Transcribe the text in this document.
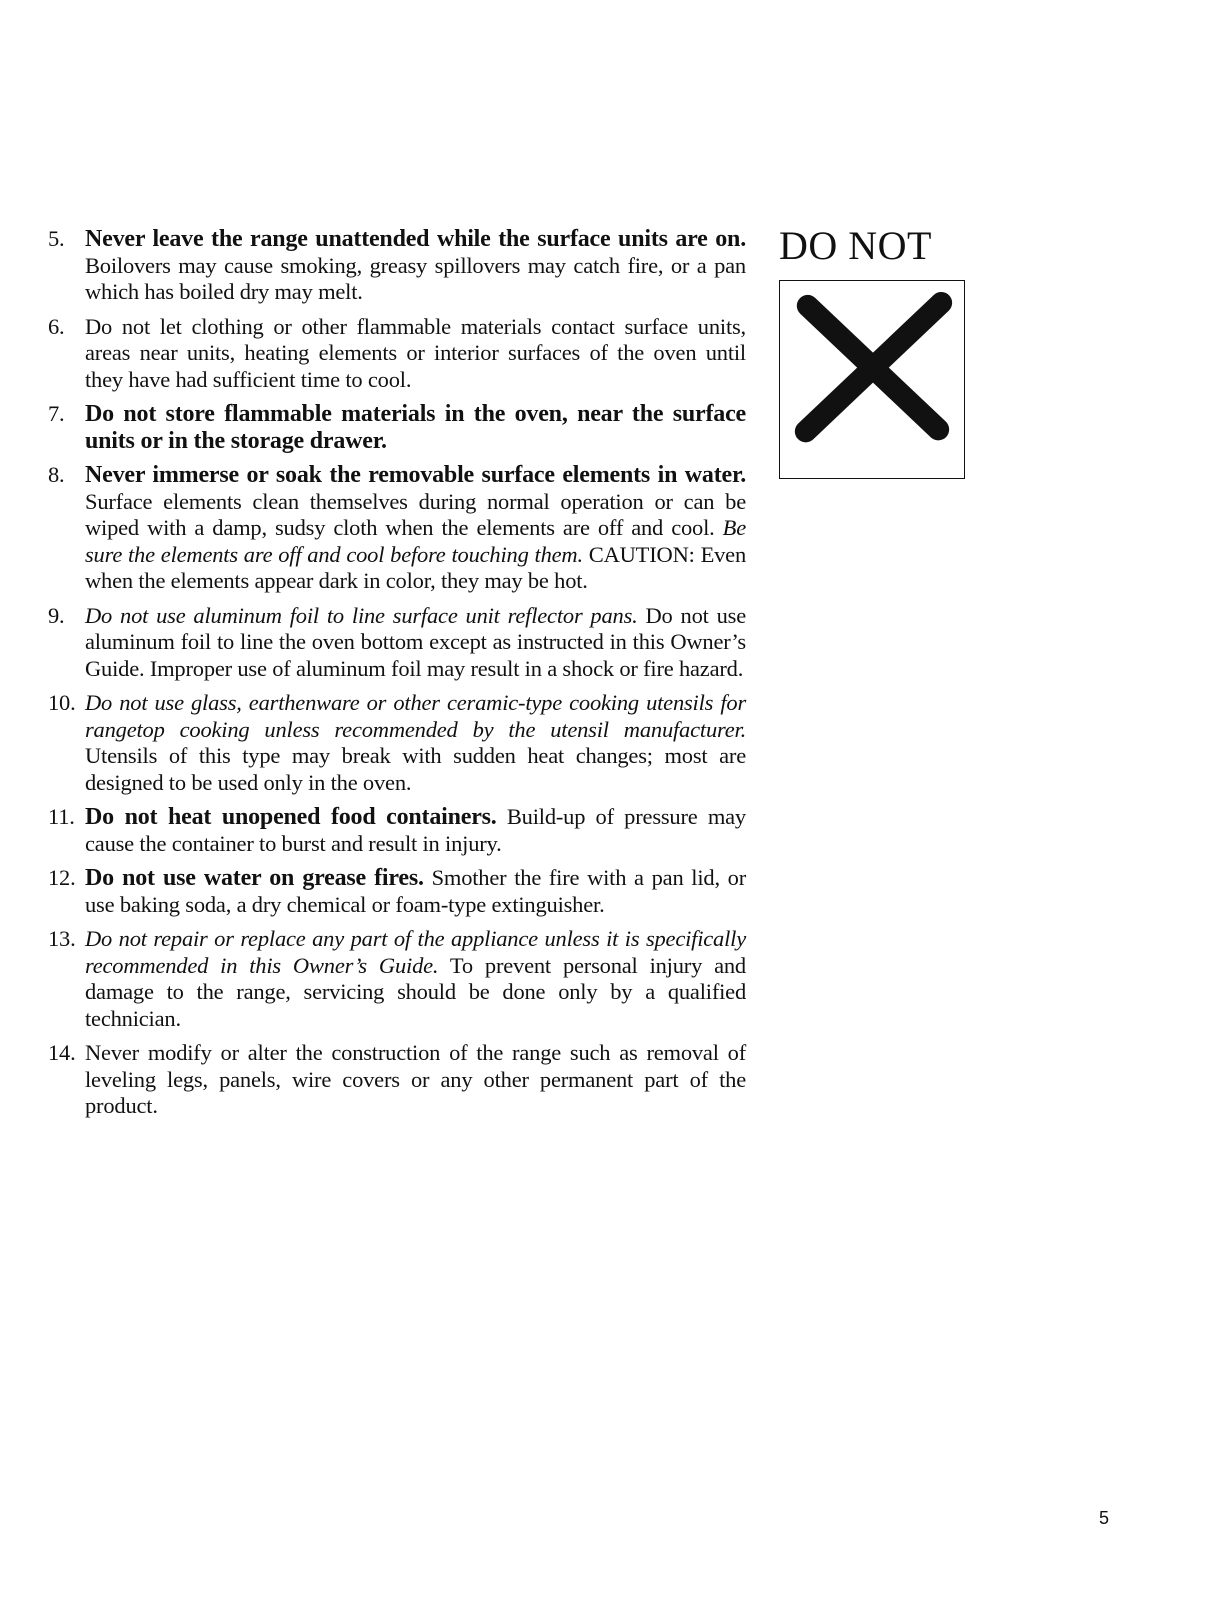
5. Never leave the range unattended while the surface units are on. Boilovers may cause smoking, greasy spillovers may catch fire, or a pan which has boiled dry may melt.
6. Do not let clothing or other flammable materials contact surface units, areas near units, heating elements or interior surfaces of the oven until they have had sufficient time to cool.
7. Do not store flammable materials in the oven, near the surface units or in the storage drawer.
8. Never immerse or soak the removable surface elements in water. Surface elements clean themselves during normal operation or can be wiped with a damp, sudsy cloth when the elements are off and cool. Be sure the elements are off and cool before touching them. CAUTION: Even when the elements appear dark in color, they may be hot.
9. Do not use aluminum foil to line surface unit reflector pans. Do not use aluminum foil to line the oven bottom except as instructed in this Owner’s Guide. Improper use of aluminum foil may result in a shock or fire hazard.
10. Do not use glass, earthenware or other ceramic-type cooking utensils for rangetop cooking unless recommended by the utensil manufacturer. Utensils of this type may break with sudden heat changes; most are designed to be used only in the oven.
11. Do not heat unopened food containers. Build-up of pressure may cause the container to burst and result in injury.
12. Do not use water on grease fires. Smother the fire with a pan lid, or use baking soda, a dry chemical or foam-type extinguisher.
13. Do not repair or replace any part of the appliance unless it is specifically recommended in this Owner’s Guide. To prevent personal injury and damage to the range, servicing should be done only by a qualified technician.
14. Never modify or alter the construction of the range such as removal of leveling legs, panels, wire covers or any other permanent part of the product.
DO NOT
5
